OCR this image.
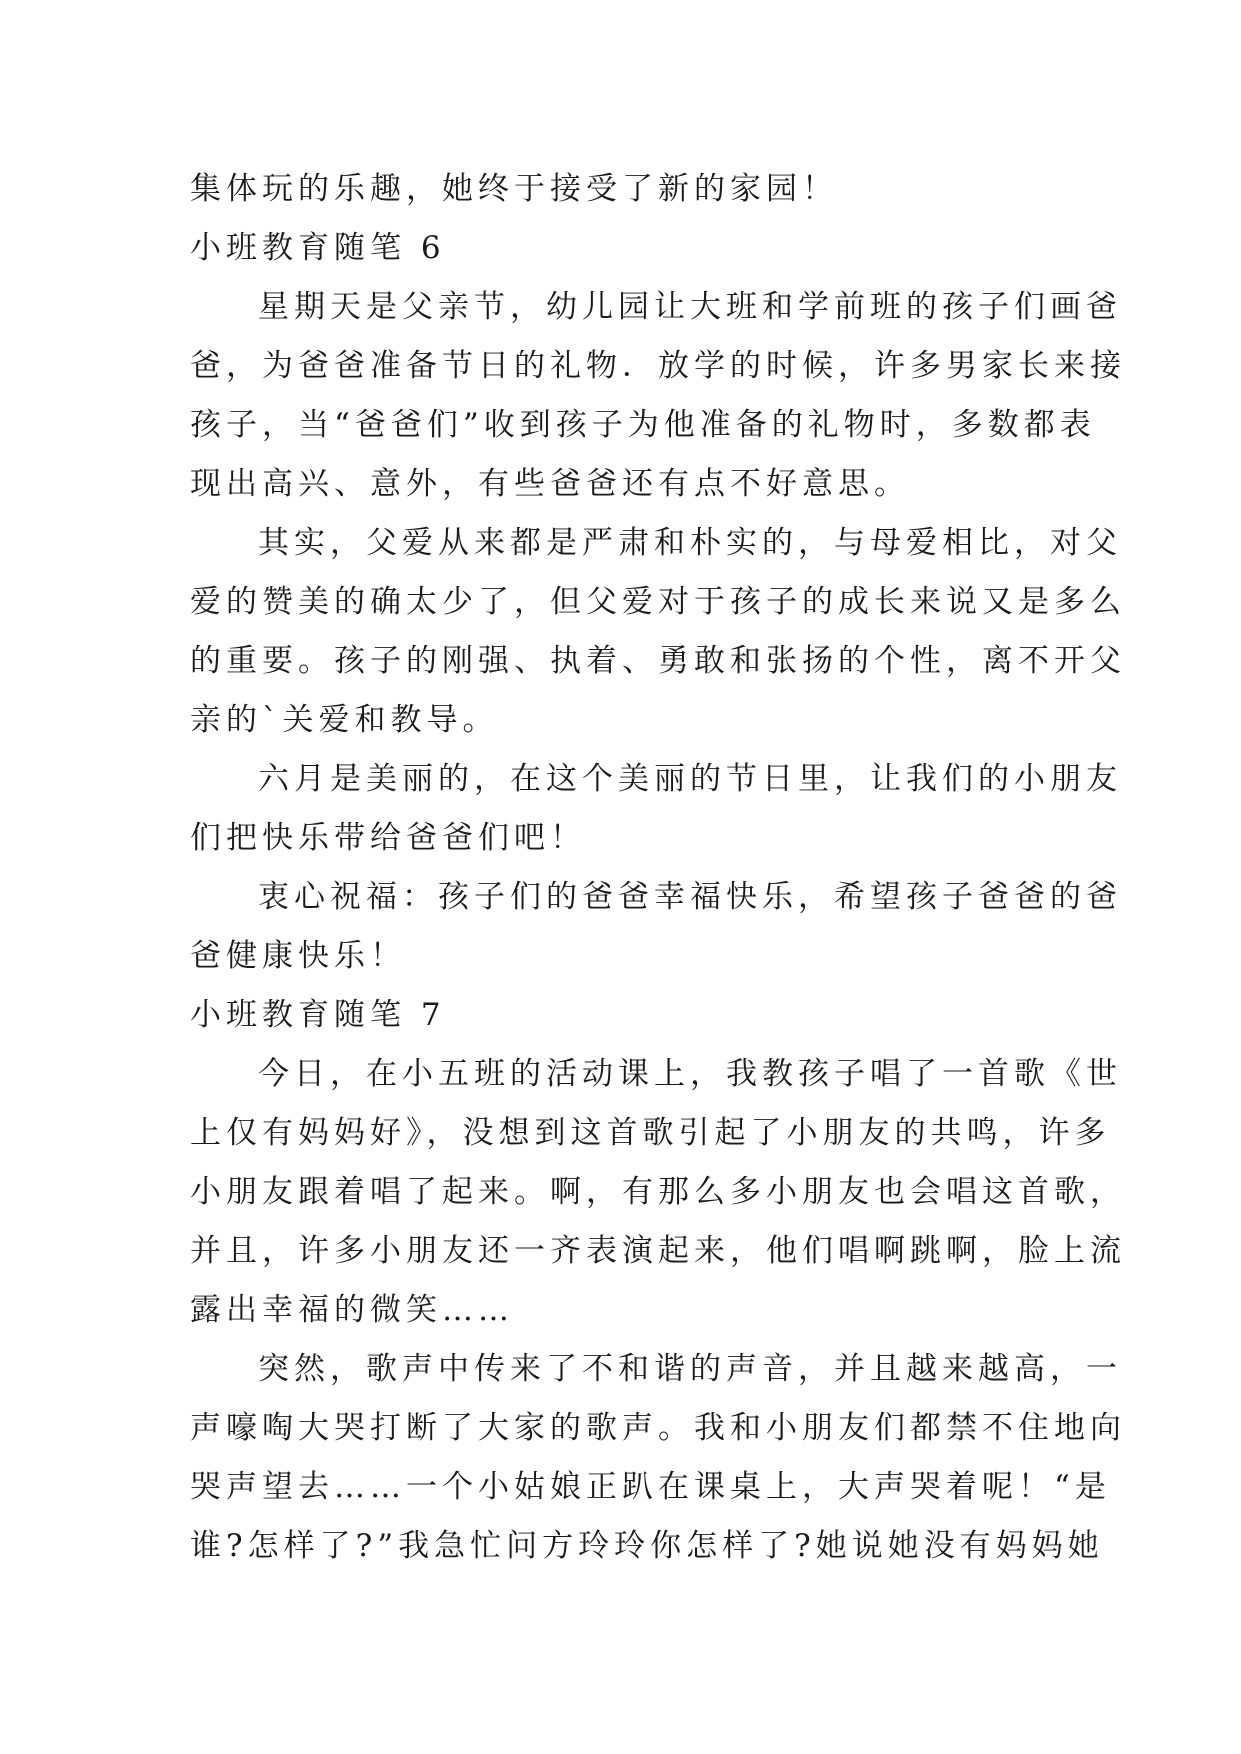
集体玩的乐趣，她终于接受了新的家园！
小班教育随笔 6
星期天是父亲节，幼儿园让大班和学前班的孩子们画爸
爸，为爸爸准备节日的礼物．放学的时候，许多男家长来接
孩子，当“爸爸们”收到孩子为他准备的礼物时，多数都表
现出高兴、意外，有些爸爸还有点不好意思。
其实，父爱从来都是严肃和朴实的，与母爱相比，对父
爱的赞美的确太少了，但父爱对于孩子的成长来说又是多么
的重要。孩子的刚强、执着、勇敢和张扬的个性，离不开父
亲的`关爱和教导。
六月是美丽的，在这个美丽的节日里，让我们的小朋友
们把快乐带给爸爸们吧！
衷心祝福：孩子们的爸爸幸福快乐，希望孩子爸爸的爸
爸健康快乐！
小班教育随笔 7
今日，在小五班的活动课上，我教孩子唱了一首歌《世
上仅有妈妈好》，没想到这首歌引起了小朋友的共鸣，许多
小朋友跟着唱了起来。啊，有那么多小朋友也会唱这首歌，
并且，许多小朋友还一齐表演起来，他们唱啊跳啊，脸上流
露出幸福的微笑……
突然，歌声中传来了不和谐的声音，并且越来越高，一
声嚎啕大哭打断了大家的歌声。我和小朋友们都禁不住地向
哭声望去……一个小姑娘正趴在课桌上，大声哭着呢！“是
谁?怎样了?”我急忙问方玲玲你怎样了?她说她没有妈妈她
